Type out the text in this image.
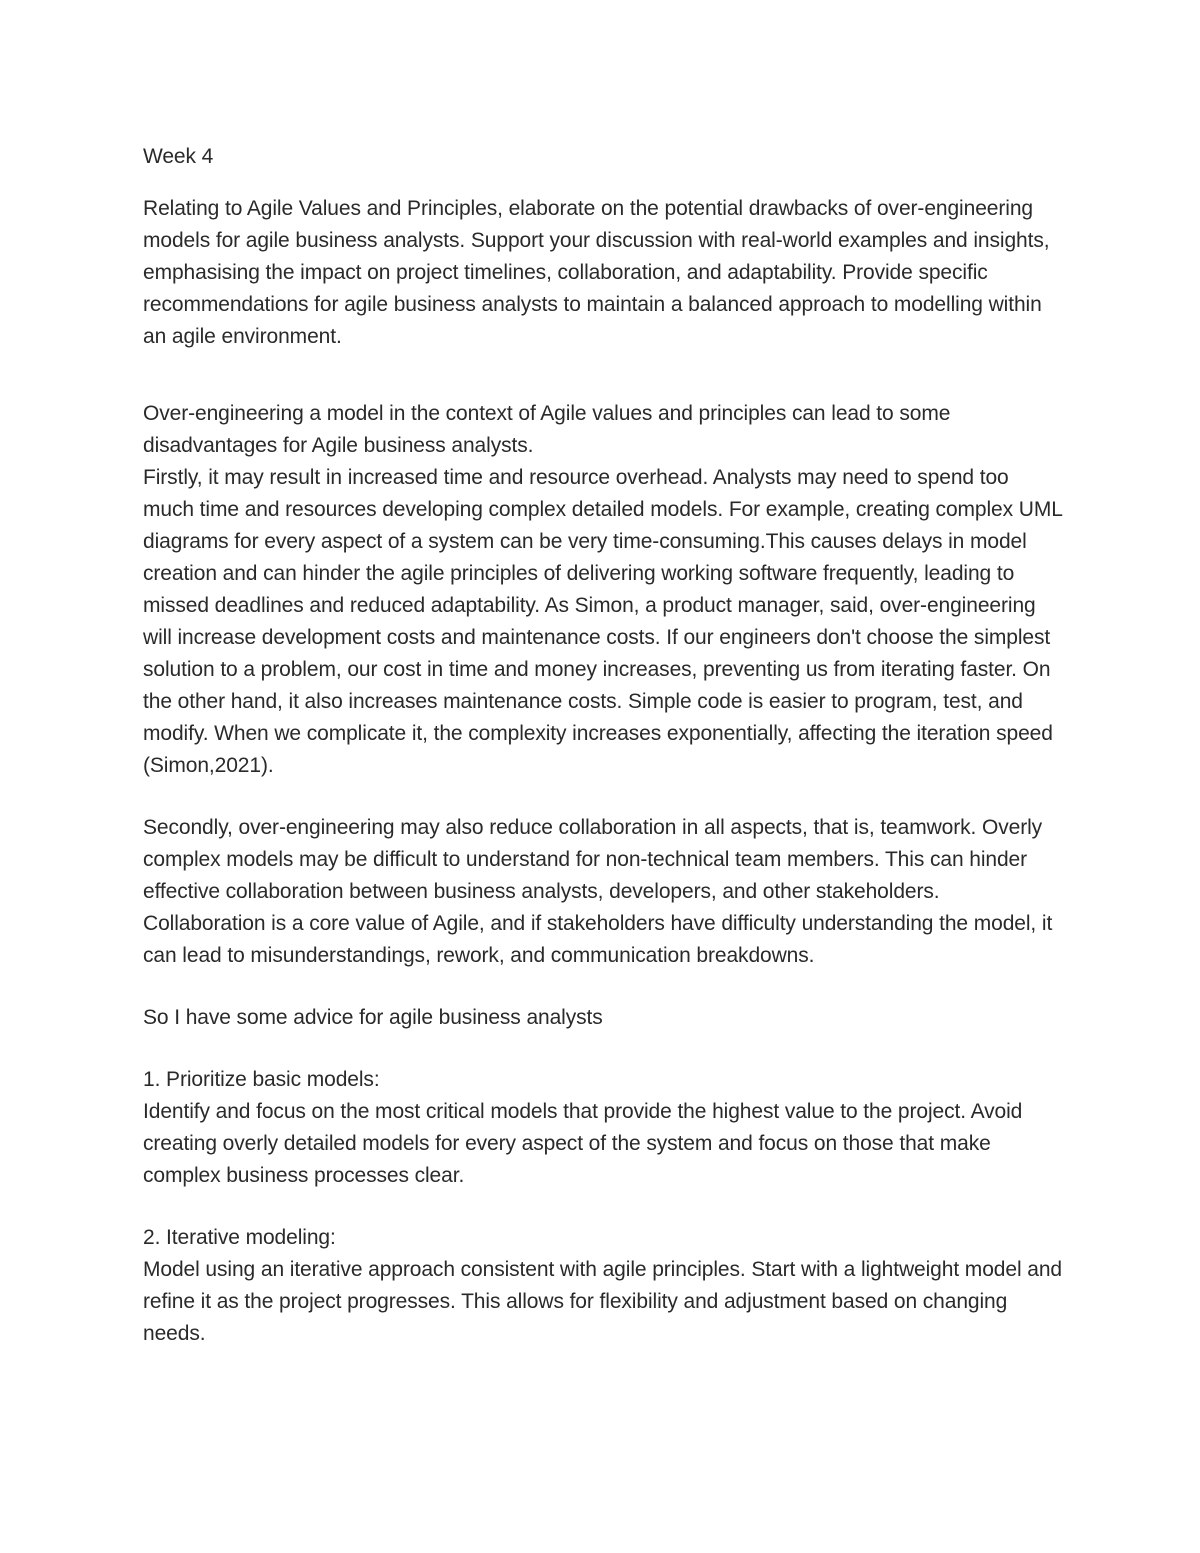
Week 4

Relating to Agile Values and Principles, elaborate on the potential drawbacks of over-engineering models for agile business analysts. Support your discussion with real-world examples and insights, emphasising the impact on project timelines, collaboration, and adaptability. Provide specific recommendations for agile business analysts to maintain a balanced approach to modelling within an agile environment.

Over-engineering a model in the context of Agile values and principles can lead to some disadvantages for Agile business analysts.

Firstly, it may result in increased time and resource overhead. Analysts may need to spend too much time and resources developing complex detailed models. For example, creating complex UML diagrams for every aspect of a system can be very time-consuming.This causes delays in model creation and can hinder the agile principles of delivering working software frequently, leading to missed deadlines and reduced adaptability. As Simon, a product manager, said, over-engineering will increase development costs and maintenance costs. If our engineers don't choose the simplest solution to a problem, our cost in time and money increases, preventing us from iterating faster. On the other hand, it also increases maintenance costs. Simple code is easier to program, test, and modify. When we complicate it, the complexity increases exponentially, affecting the iteration speed (Simon,2021).

Secondly, over-engineering may also reduce collaboration in all aspects, that is, teamwork. Overly complex models may be difficult to understand for non-technical team members. This can hinder effective collaboration between business analysts, developers, and other stakeholders. Collaboration is a core value of Agile, and if stakeholders have difficulty understanding the model, it can lead to misunderstandings, rework, and communication breakdowns.

So I have some advice for agile business analysts

1. Prioritize basic models:

Identify and focus on the most critical models that provide the highest value to the project. Avoid creating overly detailed models for every aspect of the system and focus on those that make complex business processes clear.

2. Iterative modeling:

Model using an iterative approach consistent with agile principles. Start with a lightweight model and refine it as the project progresses. This allows for flexibility and adjustment based on changing needs.
